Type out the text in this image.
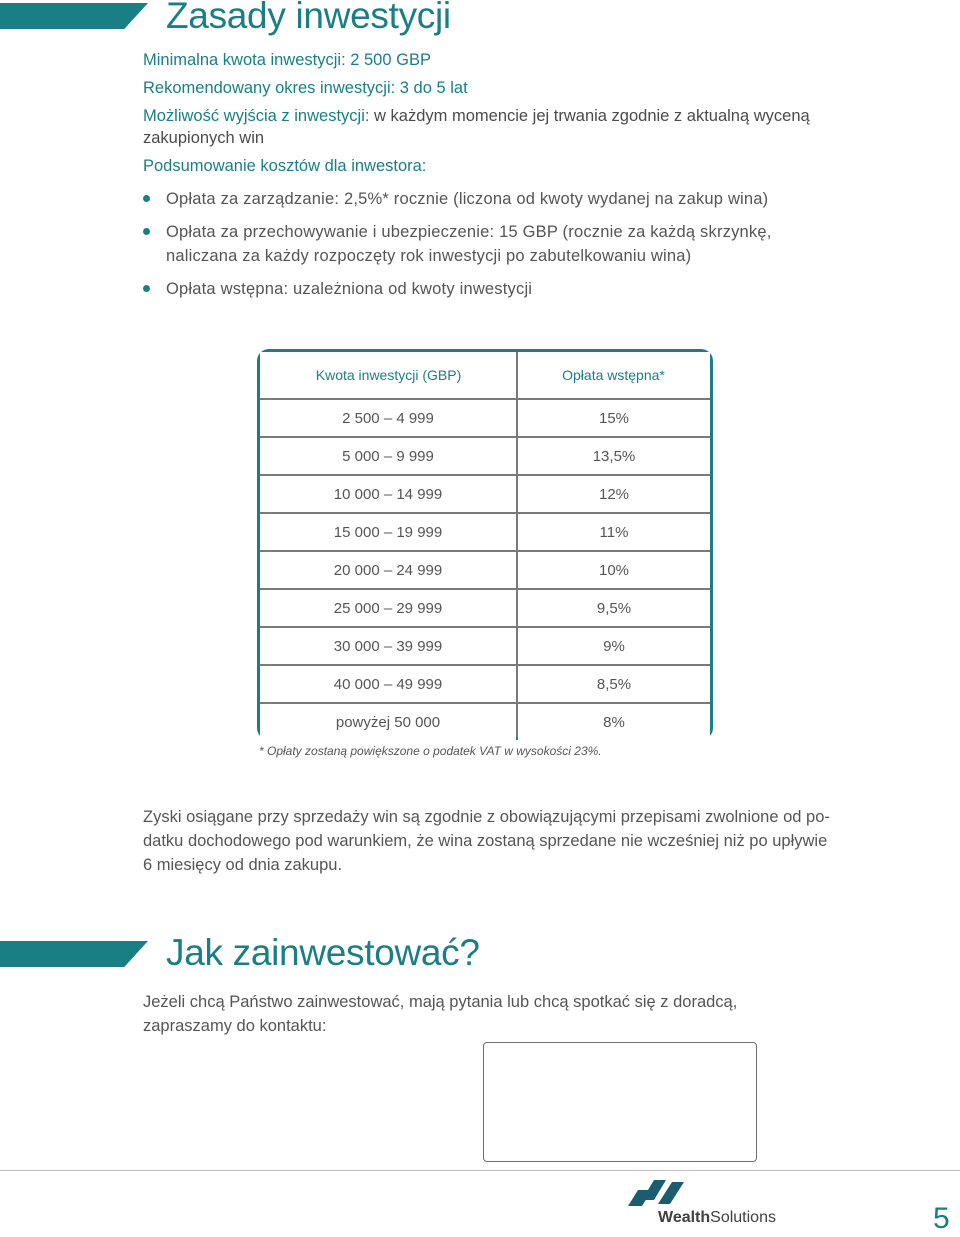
Zasady inwestycji
Minimalna kwota inwestycji: 2 500 GBP
Rekomendowany okres inwestycji: 3 do 5 lat
Możliwość wyjścia z inwestycji: w każdym momencie jej trwania zgodnie z aktualną wyceną
zakupionych win
Podsumowanie kosztów dla inwestora:
Opłata za zarządzanie: 2,5%* rocznie (liczona od kwoty wydanej na zakup wina)
Opłata za przechowywanie i ubezpieczenie: 15 GBP (rocznie za każdą skrzynkę,
naliczana za każdy rozpoczęty rok inwestycji po zabutelkowaniu wina)
Opłata wstępna: uzależniona od kwoty inwestycji
Kwota inwestycji (GBP)	Opłata wstępna*
2 500 – 4 999	15%
5 000 – 9 999	13,5%
10 000 – 14 999	12%
15 000 – 19 999	11%
20 000 – 24 999	10%
25 000 – 29 999	9,5%
30 000 – 39 999	9%
40 000 – 49 999	8,5%
powyżej 50 000	8%
* Opłaty zostaną powiększone o podatek VAT w wysokości 23%.
Zyski osiągane przy sprzedaży win są zgodnie z obowiązującymi przepisami zwolnione od po-
datku dochodowego pod warunkiem, że wina zostaną sprzedane nie wcześniej niż po upływie
6 miesięcy od dnia zakupu.
Jak zainwestować?
Jeżeli chcą Państwo zainwestować, mają pytania lub chcą spotkać się z doradcą,
zapraszamy do kontaktu:
WealthSolutions	5
